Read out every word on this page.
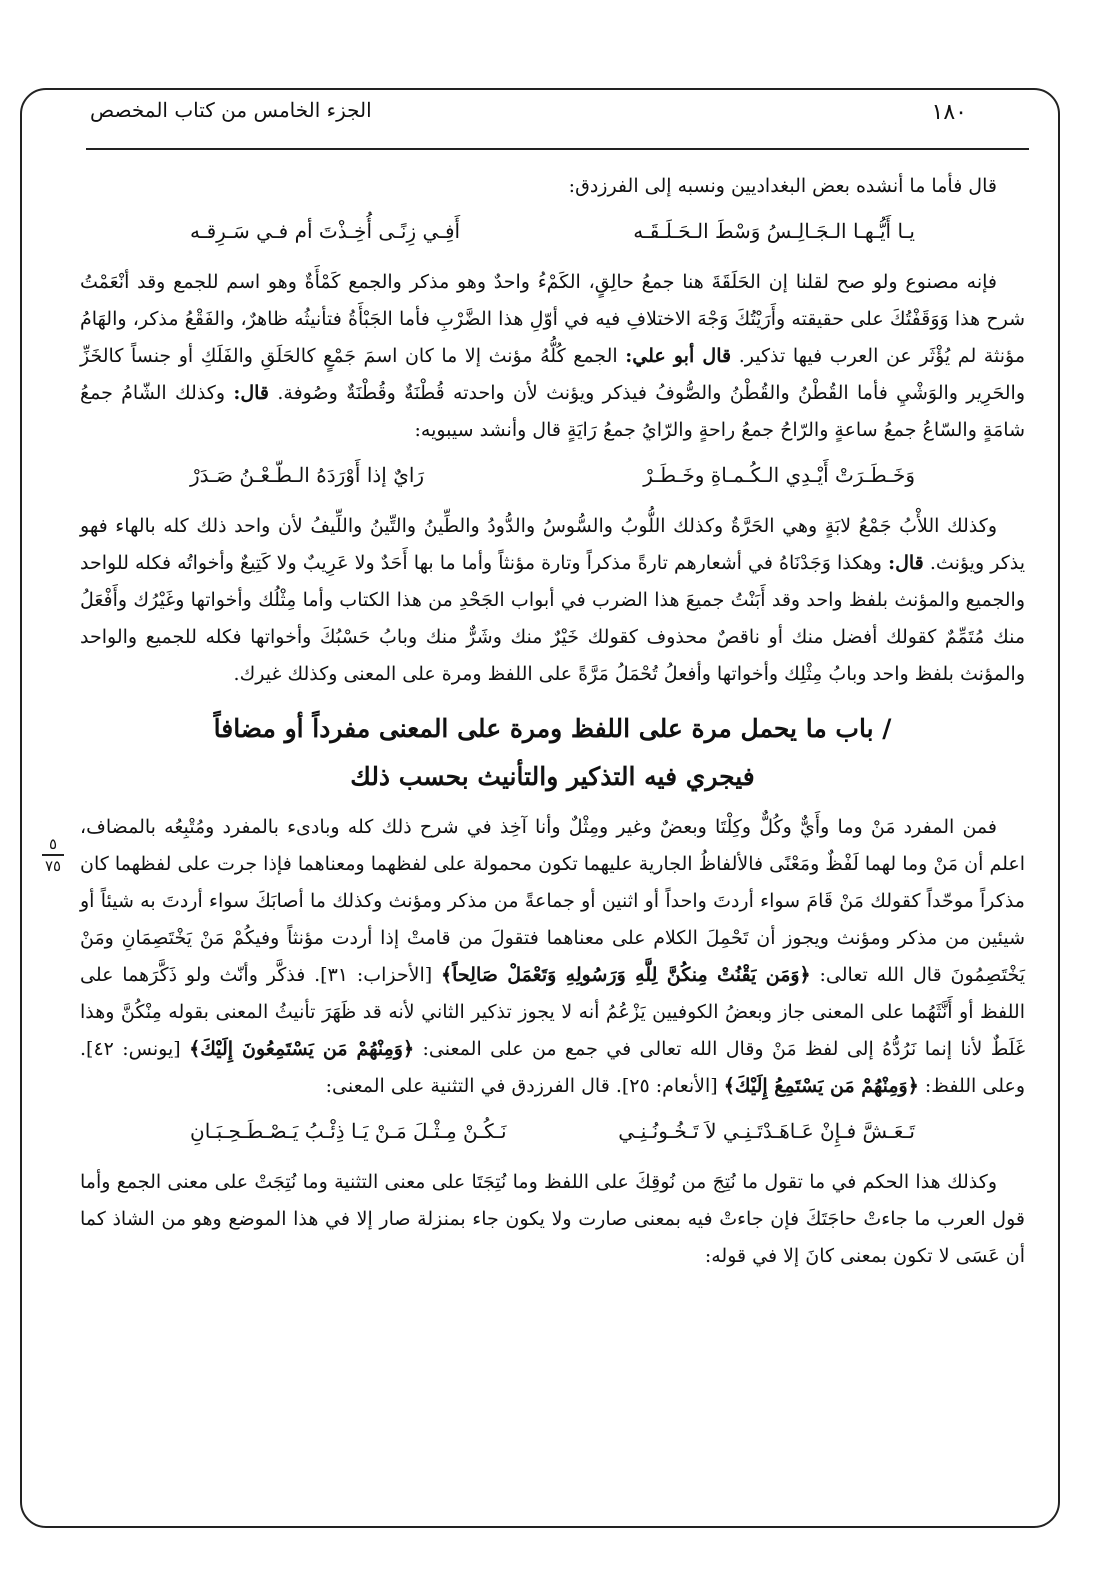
١٨٠
الجزء الخامس من كتاب المخصص
٥
٧٥

قال فأما ما أنشده بعض البغداديين ونسبه إلى الفرزدق:

يـا أَيُّـهـا الـجَـالِـسُ وَسْطَ الـحَـلَـقَـه
أَفِـي زِنًـى أُخِـذْتَ أم فـي سَـرِقـه

فإنه مصنوع ولو صح لقلنا إن الحَلَقَةَ هنا جمعُ حالِقٍ، الكَمْءُ واحدٌ وهو مذكر والجمع كَمْأَةٌ وهو اسم للجمع وقد أنْعَمْتُ شرح هذا وَوَقَفْتُكَ على حقيقته وأَرَيْتُكَ وَجْهَ الاختلافِ فيه في أوّلِ هذا الضَّرْبِ فأما الجَبْأَةُ فتأنيثُه ظاهرٌ، والفَقْعُ مذكر، والهَامُ مؤنثة لم يُؤْثَر عن العرب فيها تذكير. قال أبو علي: الجمع كُلُّهُ مؤنث إلا ما كان اسمَ جَمْعٍ كالحَلَقِ والفَلَكِ أو جنساً كالخَزِّ والحَرِير والوَشْيِ فأما القُطْنُ والقُطْنُ والصُّوفُ فيذكر ويؤنث لأن واحدته قُطْنَةٌ وقُطْنَةٌ وصُوفة. قال: وكذلك الشّامُ جمعُ شامَةٍ والسّاعُ جمعُ ساعةٍ والرّاحُ جمعُ راحةٍ والرّايُ جمعُ رَايَةٍ قال وأنشد سيبويه:

وَخَـطَـرَتْ أَيْـدِي الـكُـمـاةِ وخَـطَـرْ
رَايٌ إذا أَوْرَدَهُ الـطّـعْـنُ صَـدَرْ

وكذلك اللأْبُ جَمْعُ لابَةٍ وهي الحَرَّةُ وكذلك اللُّوبُ والسُّوسُ والدُّودُ والطِّينُ والتِّينُ واللِّيفُ لأن واحد ذلك كله بالهاء فهو يذكر ويؤنث. قال: وهكذا وَجَدْنَاهُ في أشعارهم تارةً مذكراً وتارة مؤنثاً وأما ما بها أَحَدٌ ولا عَرِيبٌ ولا كَتِيعٌ وأخواتُه فكله للواحد والجميع والمؤنث بلفظ واحد وقد أَبَنْتُ جميعَ هذا الضرب في أبواب الجَحْدِ من هذا الكتاب وأما مِثْلُك وأخواتها وغَيْرُك وأَفْعَلُ منك مُتَمِّمٌ كقولك أفضل منك أو ناقصٌ محذوف كقولك خَيْرٌ منك وشَرٌّ منك وبابُ حَسْبُكَ وأخواتها فكله للجميع والواحد والمؤنث بلفظ واحد وبابُ مِثْلِك وأخواتها وأفعلُ تُحْمَلُ مَرَّةً على اللفظ ومرة على المعنى وكذلك غيرك.

/ باب ما يحمل مرة على اللفظ ومرة على المعنى مفرداً أو مضافاً
فيجري فيه التذكير والتأنيث بحسب ذلك

فمن المفرد مَنْ وما وأَيٌّ وكُلٌّ وكِلْتَا وبعضٌ وغير ومِثْلٌ وأنا آخِذ في شرح ذلك كله وبادىء بالمفرد ومُتْبِعُه بالمضاف، اعلم أن مَنْ وما لهما لَفْظٌ ومَعْنًى فالألفاظُ الجارية عليهما تكون محمولة على لفظهما ومعناهما فإذا جرت على لفظهما كان مذكراً موحّداً كقولك مَنْ قَامَ سواء أردتَ واحداً أو اثنين أو جماعةً من مذكر ومؤنث وكذلك ما أصابَكَ سواء أردتَ به شيئاً أو شيئين من مذكر ومؤنث ويجوز أن تَحْمِلَ الكلام على معناهما فتقولَ من قامتْ إذا أردت مؤنثاً وفيكُمْ مَنْ يَخْتَصِمَانِ ومَنْ يَخْتَصِمُونَ قال الله تعالى: ﴿وَمَن يَقْنُتْ مِنكُنَّ لِلَّهِ وَرَسُولِهِ وَتَعْمَلْ صَالِحاً﴾ [الأحزاب: ٣١]. فذكَّر وأنّث ولو ذَكَّرَهما على اللفظ أو أَنَّثَهُما على المعنى جاز وبعضُ الكوفيين يَزْعُمُ أنه لا يجوز تذكير الثاني لأنه قد ظَهَرَ تأنيثُ المعنى بقوله مِنْكُنَّ وهذا غَلَطٌ لأنا إنما نَرُدُّهُ إلى لفظ مَنْ وقال الله تعالى في جمع من على المعنى: ﴿وَمِنْهُمْ مَن يَسْتَمِعُونَ إِلَيْكَ﴾ [يونس: ٤٢]. وعلى اللفظ: ﴿وَمِنْهُمْ مَن يَسْتَمِعُ إِلَيْكَ﴾ [الأنعام: ٢٥]. قال الفرزدق في التثنية على المعنى:

تَـعَـشَّ فـإِنْ عَـاهَـدْتَـنِـي لاَ تَـخُـونُـنِـي
نَـكُـنْ مِـثْـلَ مَـنْ يَـا ذِئْـبُ يَـصْـطَـحِـبَـانِ

وكذلك هذا الحكم في ما تقول ما نُتِجَ من نُوقِكَ على اللفظ وما نُتِجَتَا على معنى التثنية وما نُتِجَتْ على معنى الجمع وأما قول العرب ما جاءتْ حاجَتَكَ فإن جاءتْ فيه بمعنى صارت ولا يكون جاء بمنزلة صار إلا في هذا الموضع وهو من الشاذ كما أن عَسَى لا تكون بمعنى كانَ إلا في قوله:
